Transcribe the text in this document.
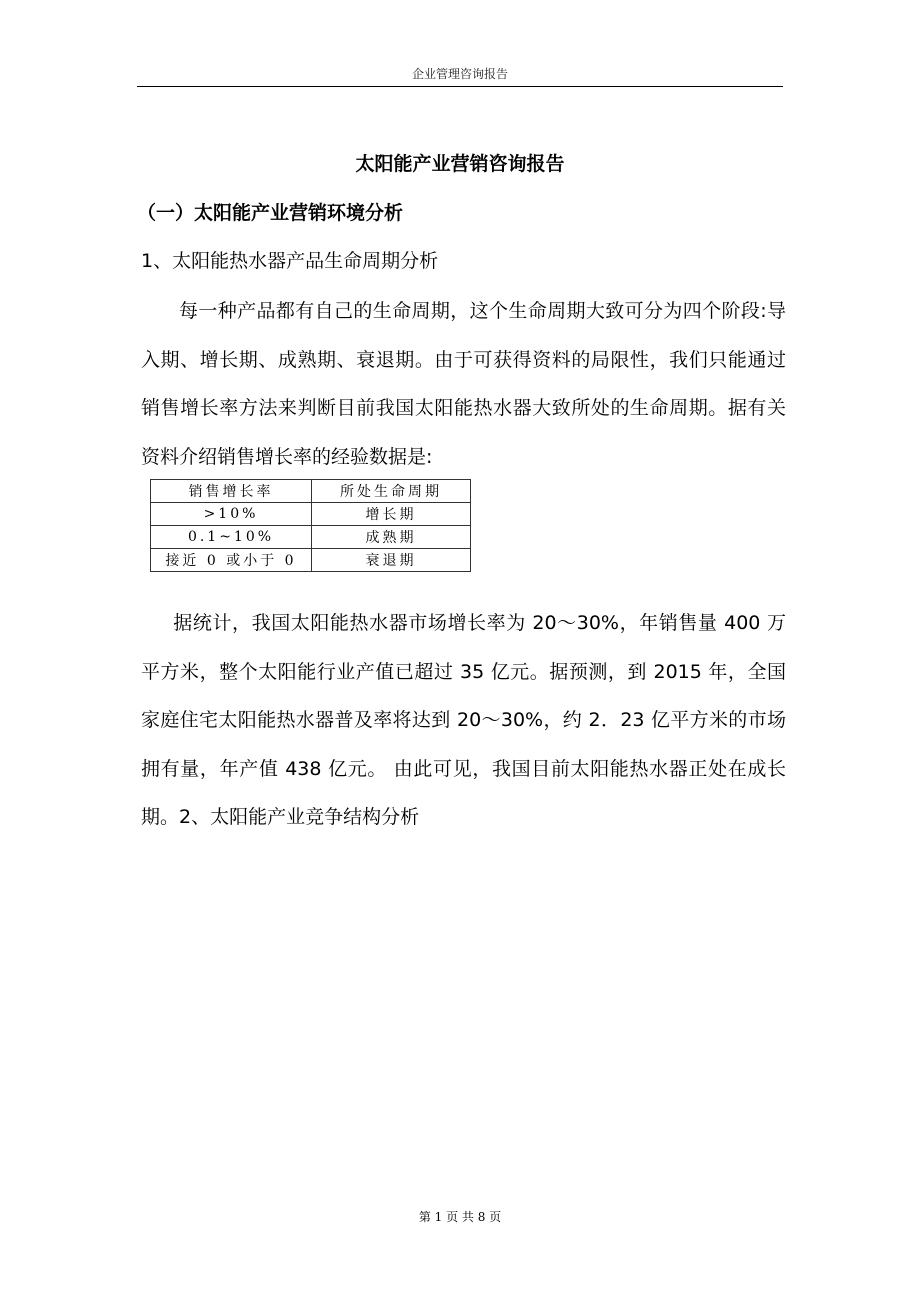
企业管理咨询报告
太阳能产业营销咨询报告
（一）太阳能产业营销环境分析
1、太阳能热水器产品生命周期分析

每一种产品都有自己的生命周期，这个生命周期大致可分为四个阶段:导入期、增长期、成熟期、衰退期。由于可获得资料的局限性，我们只能通过销售增长率方法来判断目前我国太阳能热水器大致所处的生命周期。据有关资料介绍销售增长率的经验数据是:

销售增长率	所处生命周期
>10%	增长期
0.1~10%	成熟期
接近 0 或小于 0	衰退期

据统计，我国太阳能热水器市场增长率为 20～30%，年销售量 400 万平方米，整个太阳能行业产值已超过 35 亿元。据预测，到 2015 年，全国家庭住宅太阳能热水器普及率将达到 20～30%，约 2．23 亿平方米的市场拥有量，年产值 438 亿元。 由此可见，我国目前太阳能热水器正处在成长期。2、太阳能产业竞争结构分析

第 1 页 共 8 页
